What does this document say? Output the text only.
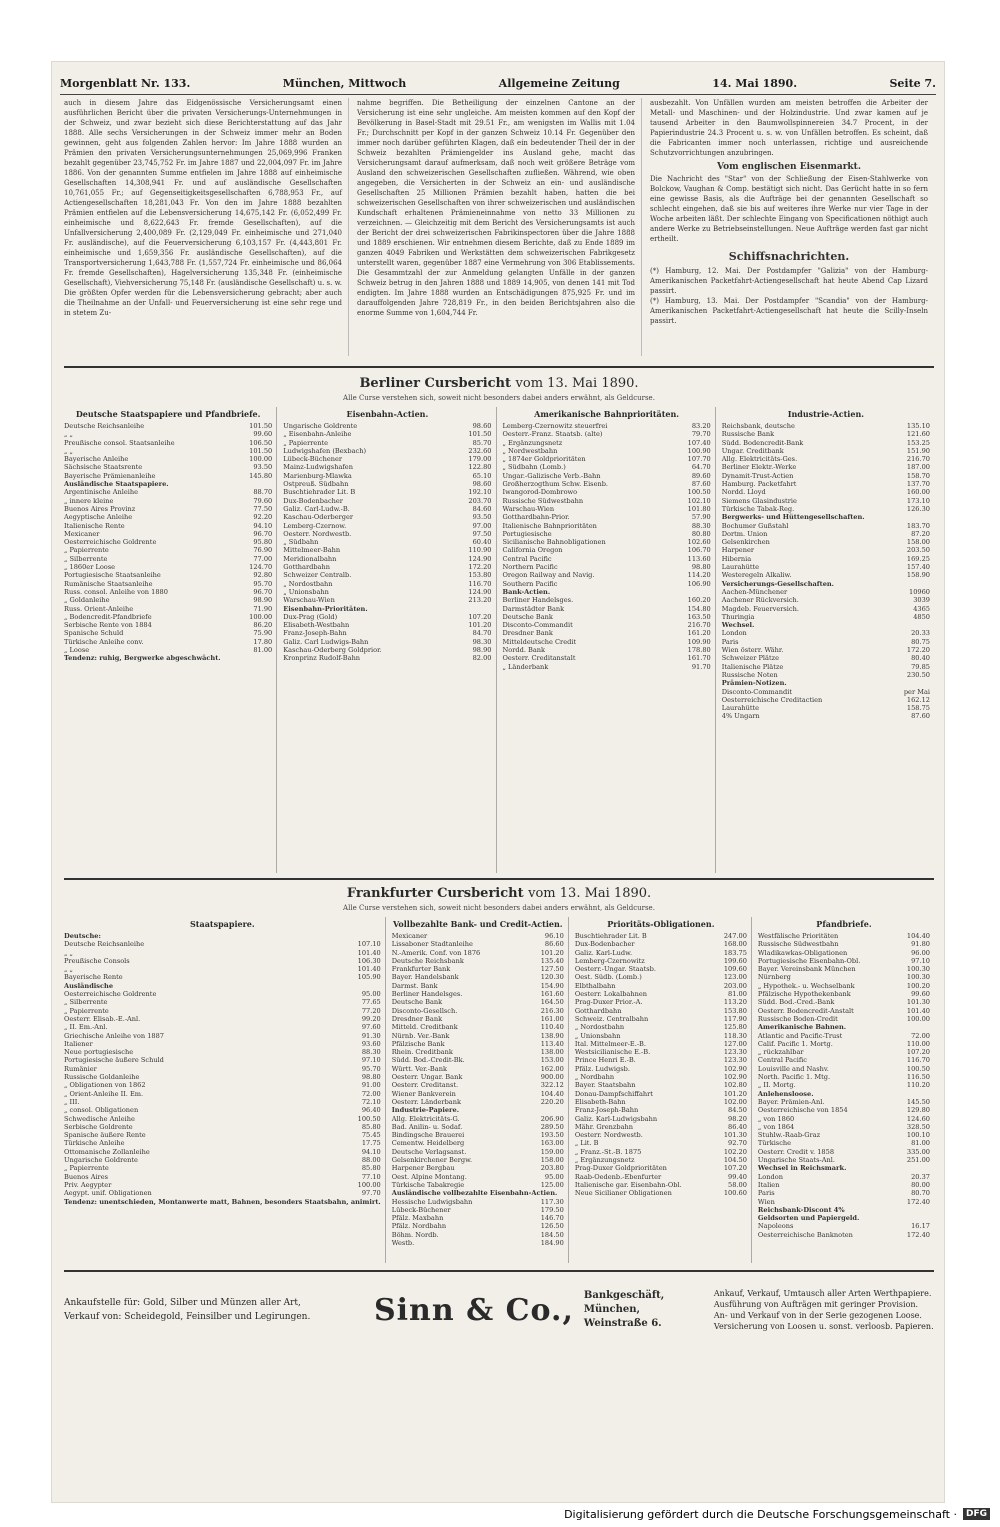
Morgenblatt Nr. 133.	München, Mittwoch	Allgemeine Zeitung	14. Mai 1890.	Seite 7.

auch in diesem Jahre das Eidgenössische Versicherungsamt einen ausführlichen Bericht über die privaten Versicherungs-Unternehmungen in der Schweiz, und zwar bezieht sich diese Berichterstattung auf das Jahr 1888. Alle sechs Versicherungen in der Schweiz immer mehr an Boden gewinnen, geht aus folgenden Zahlen hervor: Im Jahre 1888 wurden an Prämien den privaten Versicherungsunternehmungen 25,069,996 Franken bezahlt gegenüber 23,745,752 Fr. im Jahre 1887 und 22,004,097 Fr. im Jahre 1886. Von der genannten Summe entfielen im Jahre 1888 auf einheimische Gesellschaften 14,308,941 Fr. und auf ausländische Gesellschaften 10,761,055 Fr.; auf Gegenseitigkeitsgesellschaften 6,788,953 Fr., auf Actiengesellschaften 18,281,043 Fr. Von den im Jahre 1888 bezahlten Prämien entfielen auf die Lebensversicherung 14,675,142 Fr. (6,052,499 Fr. einheimische und 8,622,643 Fr. fremde Gesellschaften), auf die Unfallversicherung 2,400,089 Fr. (2,129,049 Fr. einheimische und 271,040 Fr. ausländische), auf die Feuerversicherung 6,103,157 Fr. (4,443,801 Fr. einheimische und 1,659,356 Fr. ausländische Gesellschaften), auf die Transportversicherung 1,643,788 Fr. (1,557,724 Fr. einheimische und 86,064 Fr. fremde Gesellschaften), Hagelversicherung 135,348 Fr. (einheimische Gesellschaft), Viehversicherung 75,148 Fr. (ausländische Gesellschaft) u. s. w. Die größten Opfer werden für die Lebensversicherung gebracht; aber auch die Theilnahme an der Unfall- und Feuerversicherung ist eine sehr rege und in stetem Zu-

nahme begriffen. Die Betheiligung der einzelnen Cantone an der Versicherung ist eine sehr ungleiche. Am meisten kommen auf den Kopf der Bevölkerung in Basel-Stadt mit 29.51 Fr., am wenigsten im Wallis mit 1.04 Fr.; Durchschnitt per Kopf in der ganzen Schweiz 10.14 Fr. Gegenüber den immer noch darüber geführten Klagen, daß ein bedeutender Theil der in der Schweiz bezahlten Prämiengelder ins Ausland gehe, macht das Versicherungsamt darauf aufmerksam, daß noch weit größere Beträge vom Ausland den schweizerischen Gesellschaften zufließen. Während, wie oben angegeben, die Versicherten in der Schweiz an ein- und ausländische Gesellschaften 25 Millionen Prämien bezahlt haben, hatten die bei schweizerischen Gesellschaften von ihrer schweizerischen und ausländischen Kundschaft erhaltenen Prämieneinnahme von netto 33 Millionen zu verzeichnen. — Gleichzeitig mit dem Bericht des Versicherungsamts ist auch der Bericht der drei schweizerischen Fabrikinspectoren über die Jahre 1888 und 1889 erschienen. Wir entnehmen diesem Berichte, daß zu Ende 1889 im ganzen 4049 Fabriken und Werkstätten dem schweizerischen Fabrikgesetz unterstellt waren, gegenüber 1887 eine Vermehrung von 306 Etablissements. Die Gesammtzahl der zur Anmeldung gelangten Unfälle in der ganzen Schweiz betrug in den Jahren 1888 und 1889 14,905, von denen 141 mit Tod endigten. Im Jahre 1888 wurden an Entschädigungen 875,925 Fr. und im darauffolgenden Jahre 728,819 Fr., in den beiden Berichtsjahren also die enorme Summe von 1,604,744 Fr.

ausbezahlt. Von Unfällen wurden am meisten betroffen die Arbeiter der Metall- und Maschinen- und der Holzindustrie. Und zwar kamen auf je tausend Arbeiter in den Baumwollspinnereien 34.7 Procent, in der Papierindustrie 24.3 Procent u. s. w. von Unfällen betroffen. Es scheint, daß die Fabricanten immer noch unterlassen, richtige und ausreichende Schutzvorrichtungen anzubringen.

Vom englischen Eisenmarkt.

Die Nachricht des "Star" von der Schließung der Eisen-Stahlwerke von Bolckow, Vaughan & Comp. bestätigt sich nicht. Das Gerücht hatte in so fern eine gewisse Basis, als die Aufträge bei der genannten Gesellschaft so schlecht eingehen, daß sie bis auf weiteres ihre Werke nur vier Tage in der Woche arbeiten läßt. Der schlechte Eingang von Specificationen nöthigt auch andere Werke zu Betriebseinstellungen. Neue Aufträge werden fast gar nicht ertheilt.

Schiffsnachrichten.

(*) Hamburg, 12. Mai. Der Postdampfer "Galizia" von der Hamburg-Amerikanischen Packetfahrt-Actiengesellschaft hat heute Abend Cap Lizard passirt.

(*) Hamburg, 13. Mai. Der Postdampfer "Scandia" von der Hamburg-Amerikanischen Packetfahrt-Actiengesellschaft hat heute die Scilly-Inseln passirt.

Berliner Cursbericht vom 13. Mai 1890.
Alle Curse verstehen sich, soweit nicht besonders dabei anders erwähnt, als Geldcurse.
Deutsche Staatspapiere und Pfandbriefe.
Deutsche Reichsanleihe	101.50
„ „	99.60
Preußische consol. Staatsanleihe	106.50
„ „	101.50
Bayerische Anleihe	100.00
Sächsische Staatsrente	93.50
Bayerische Prämienanleihe	145.80
Ausländische Staatspapiere.
Argentinische Anleihe	88.70
„ innere kleine	79.60
Buenos Aires Provinz	77.50
Aegyptische Anleihe	92.20
Italienische Rente	94.10
Mexicaner	96.70
Oesterreichische Goldrente	95.80
„ Papierrente	76.90
„ Silberrente	77.00
„ 1860er Loose	124.70
Portugiesische Staatsanleihe	92.80
Rumänische Staatsanleihe	95.70
Russ. consol. Anleihe von 1880	96.70
„ Goldanleihe	98.90
Russ. Orient-Anleihe	71.90
„ Bodencredit-Pfandbriefe	100.00
Serbische Rente von 1884	86.20
Spanische Schuld	75.90
Türkische Anleihe conv.	17.80
„ Loose	81.00
Tendenz: ruhig, Bergwerke abgeschwächt.
Eisenbahn-Actien.
Ungarische Goldrente	98.60
„ Eisenbahn-Anleihe	101.50
„ Papierrente	85.70
Ludwigshafen (Bexbach)	232.60
Lübeck-Büchener	179.00
Mainz-Ludwigshafen	122.80
Marienburg-Mlawka	65.10
Ostpreuß. Südbahn	98.60
Buschtiehrader Lit. B	192.10
Dux-Bodenbacher	203.70
Galiz. Carl-Ludw.-B.	84.60
Kaschau-Oderberger	93.50
Lemberg-Czernow.	97.00
Oesterr. Nordwestb.	97.50
„ Südbahn	60.40
Mittelmeer-Bahn	110.90
Meridionalbahn	124.90
Gotthardbahn	172.20
Schweizer Centralb.	153.80
„ Nordostbahn	116.70
„ Unionsbahn	124.90
Warschau-Wien	213.20
Eisenbahn-Prioritäten.
Dux-Prag (Gold)	107.20
Elisabeth-Westbahn	101.20
Franz-Joseph-Bahn	84.70
Galiz. Carl Ludwigs-Bahn	98.30
Kaschau-Oderberg Goldprior.	98.90
Kronprinz Rudolf-Bahn	82.00
Amerikanische Bahnprioritäten.
Lemberg-Czernowitz steuerfrei	83.20
Oesterr.-Franz. Staatsb. (alte)	79.70
„ Ergänzungsnetz	107.40
„ Nordwestbahn	100.90
„ 1874er Goldprioritäten	107.70
„ Südbahn (Lomb.)	64.70
Ungar.-Galizische Verb.-Bahn	89.60
Großherzogthum Schw. Eisenb.	87.60
Iwangorod-Dombrowo	100.50
Russische Südwestbahn	102.10
Warschau-Wien	101.80
Gotthardbahn-Prior.	57.90
Italienische Bahnprioritäten	88.30
Portugiesische	80.80
Sicilianische Bahnobligationen	102.60
California Oregon	106.70
Central Pacific	113.60
Northern Pacific	98.80
Oregon Railway and Navig.	114.20
Southern Pacific	106.90
Bank-Actien.
Berliner Handelsges.	160.20
Darmstädter Bank	154.80
Deutsche Bank	163.50
Disconto-Commandit	216.70
Dresdner Bank	161.20
Mitteldeutsche Credit	109.90
Nordd. Bank	178.80
Oesterr. Creditanstalt	161.70
„ Länderbank	91.70
Industrie-Actien.
Reichsbank, deutsche	135.10
Russische Bank	121.60
Südd. Bodencredit-Bank	153.25
Ungar. Creditbank	151.90
Allg. Elektricitäts-Ges.	216.70
Berliner Elektr.-Werke	187.00
Dynamit-Trust-Actien	158.70
Hamburg. Packetfahrt	137.70
Nordd. Lloyd	160.00
Siemens Glasindustrie	173.10
Türkische Tabak-Reg.	126.30
Bergwerks- und Hüttengesellschaften.
Bochumer Gußstahl	183.70
Dortm. Union	87.20
Gelsenkirchen	158.00
Harpener	203.50
Hibernia	169.25
Laurahütte	157.40
Westeregeln Alkaliw.	158.90
Versicherungs-Gesellschaften.
Aachen-Münchener	10960
Aachener Rückversich.	3039
Magdeb. Feuerversich.	4365
Thuringia	4850
Wechsel.
London	20.33
Paris	80.75
Wien österr. Währ.	172.20
Schweizer Plätze	80.40
Italienische Plätze	79.85
Russische Noten	230.50
Prämien-Notizen.
Disconto-Commandit	per Mai
Oesterreichische Creditactien	162.12
Laurahütte	158.75
4% Ungarn	87.60
Frankfurter Cursbericht vom 13. Mai 1890.
Alle Curse verstehen sich, soweit nicht besonders dabei anders erwähnt, als Geldcurse.
Staatspapiere.
Deutsche:
Deutsche Reichsanleihe	107.10
„ „	101.40
Preußische Consols	106.30
„ „	101.40
Bayerische Rente	105.90
Ausländische
Oesterreichische Goldrente	95.00
„ Silberrente	77.65
„ Papierrente	77.20
Oesterr. Elisab.-E.-Anl.	99.20
„ II. Em.-Anl.	97.60
Griechische Anleihe von 1887	91.30
Italiener	93.60
Neue portugiesische	88.30
Portugiesische äußere Schuld	97.10
Rumänier	95.70
Russische Goldanleihe	98.80
„ Obligationen von 1862	91.00
„ Orient-Anleihe II. Em.	72.00
„ III.	72.10
„ consol. Obligationen	96.40
Schwedische Anleihe	100.50
Serbische Goldrente	85.80
Spanische äußere Rente	75.45
Türkische Anleihe	17.75
Ottomanische Zollanleihe	94.10
Ungarische Goldrente	88.00
„ Papierrente	85.80
Buenos Aires	77.10
Priv. Aegypter	100.00
Aegypt. unif. Obligationen	97.70
Tendenz: unentschieden, Montanwerte matt, Bahnen, besonders Staatsbahn, animirt.
Vollbezahlte Bank- und Credit-Actien.
Mexicaner	96.10
Lissaboner Stadtanleihe	86.60
N.-Amerik. Conf. von 1876	101.20
Deutsche Reichsbank	135.40
Frankfurter Bank	127.50
Bayer. Handelsbank	120.30
Darmst. Bank	154.90
Berliner Handelsges.	161.60
Deutsche Bank	164.50
Disconto-Gesellsch.	216.30
Dresdner Bank	161.00
Mitteld. Creditbank	110.40
Nürnb. Ver.-Bank	138.90
Pfälzische Bank	113.40
Rhein. Creditbank	138.00
Südd. Bod.-Credit-Bk.	153.00
Württ. Ver.-Bank	162.00
Oesterr. Ungar. Bank	900.00
Oesterr. Creditanst.	322.12
Wiener Bankverein	104.40
Oesterr. Länderbank	220.20
Industrie-Papiere.
Allg. Elektricitäts-G.	206.90
Bad. Anilin- u. Sodaf.	289.50
Bindingsche Brauerei	193.50
Cementw. Heidelberg	163.00
Deutsche Verlagsanst.	159.00
Gelsenkirchener Bergw.	158.00
Harpener Bergbau	203.80
Oest. Alpine Montang.	95.00
Türkische Tabakregie	125.00
Ausländische vollbezahlte Eisenbahn-Actien.
Hessische Ludwigsbahn	117.30
Lübeck-Büchener	179.50
Pfälz. Maxbahn	146.70
Pfälz. Nordbahn	126.50
Böhm. Nordb.	184.50
Westb.	184.90
Prioritäts-Obligationen.
Buschtiehrader Lit. B	247.00
Dux-Bodenbacher	168.00
Galiz. Karl-Ludw.	183.75
Lemberg-Czernowitz	199.60
Oesterr.-Ungar. Staatsb.	109.60
Oest. Südb. (Lomb.)	123.00
Elbthalbahn	203.00
Oesterr. Lokalbahnen	81.00
Prag-Duxer Prior.-A.	113.20
Gotthardbahn	153.80
Schweiz. Centralbahn	117.90
„ Nordostbahn	125.80
„ Unionsbahn	118.30
Ital. Mittelmeer-E.-B.	127.00
Westsicilianische E.-B.	123.30
Prince Henri E.-B.	123.30
Pfälz. Ludwigsb.	102.90
„ Nordbahn	102.90
Bayer. Staatsbahn	102.80
Donau-Dampfschiffahrt	101.20
Elisabeth-Bahn	102.00
Franz-Joseph-Bahn	84.50
Galiz. Karl-Ludwigsbahn	98.20
Mähr. Grenzbahn	86.40
Oesterr. Nordwestb.	101.30
„ Lit. B	92.70
„ Franz.-St.-B. 1875	102.20
„ Ergänzungsnetz	104.50
Prag-Duxer Goldprioritäten	107.20
Raab-Oedenb.-Ebenfurter	99.40
Italienische gar. Eisenbahn-Obl.	58.00
Neue Sicilianer Obligationen	100.60
Pfandbriefe.
Westfälische Prioritäten	104.40
Russische Südwestbahn	91.80
Wladikawkas-Obligationen	96.00
Portugiesische Eisenbahn-Obl.	97.10
Bayer. Vereinsbank München	100.30
Nürnberg	100.30
„ Hypothek.- u. Wechselbank	100.20
Pfälzische Hypothekenbank	99.60
Südd. Bod.-Cred.-Bank	101.30
Oesterr. Bodencredit-Anstalt	101.40
Russische Boden-Credit	100.00
Amerikanische Bahnen.
Atlantic and Pacific-Trust	72.00
Calif. Pacific 1. Mortg.	110.00
„ rückzahlbar	107.20
Central Pacific	116.70
Louisville and Nashv.	100.50
North. Pacific 1. Mtg.	116.50
„ II. Mortg.	110.20
Anlehensloose.
Bayer. Prämien-Anl.	145.50
Oesterreichische von 1854	129.80
„ von 1860	124.60
„ von 1864	328.50
Stuhlw.-Raab-Graz	100.10
Türkische	81.00
Oesterr. Credit v. 1858	335.00
Ungarische Staats-Anl.	251.00
Wechsel in Reichsmark.
London	20.37
Italien	80.00
Paris	80.70
Wien	172.40
Reichsbank-Discont 4%
Geldsorten und Papiergeld.
Napoleons	16.17
Oesterreichische Banknoten	172.40
Ankaufstelle für: Gold, Silber und Münzen aller Art,
Verkauf von: Scheidegold, Feinsilber und Legirungen.	Sinn & Co., Bankgeschäft, München,
Weinstraße 6.
Ankauf, Verkauf, Umtausch aller Arten Werthpapiere. Ausführung von Aufträgen mit geringer Provision. An- und Verkauf von in der Serie gezogenen Loose. Versicherung von Loosen u. sonst. verloosb. Papieren.
Digitalisierung gefördert durch die Deutsche Forschungsgemeinschaft ·	DFG
